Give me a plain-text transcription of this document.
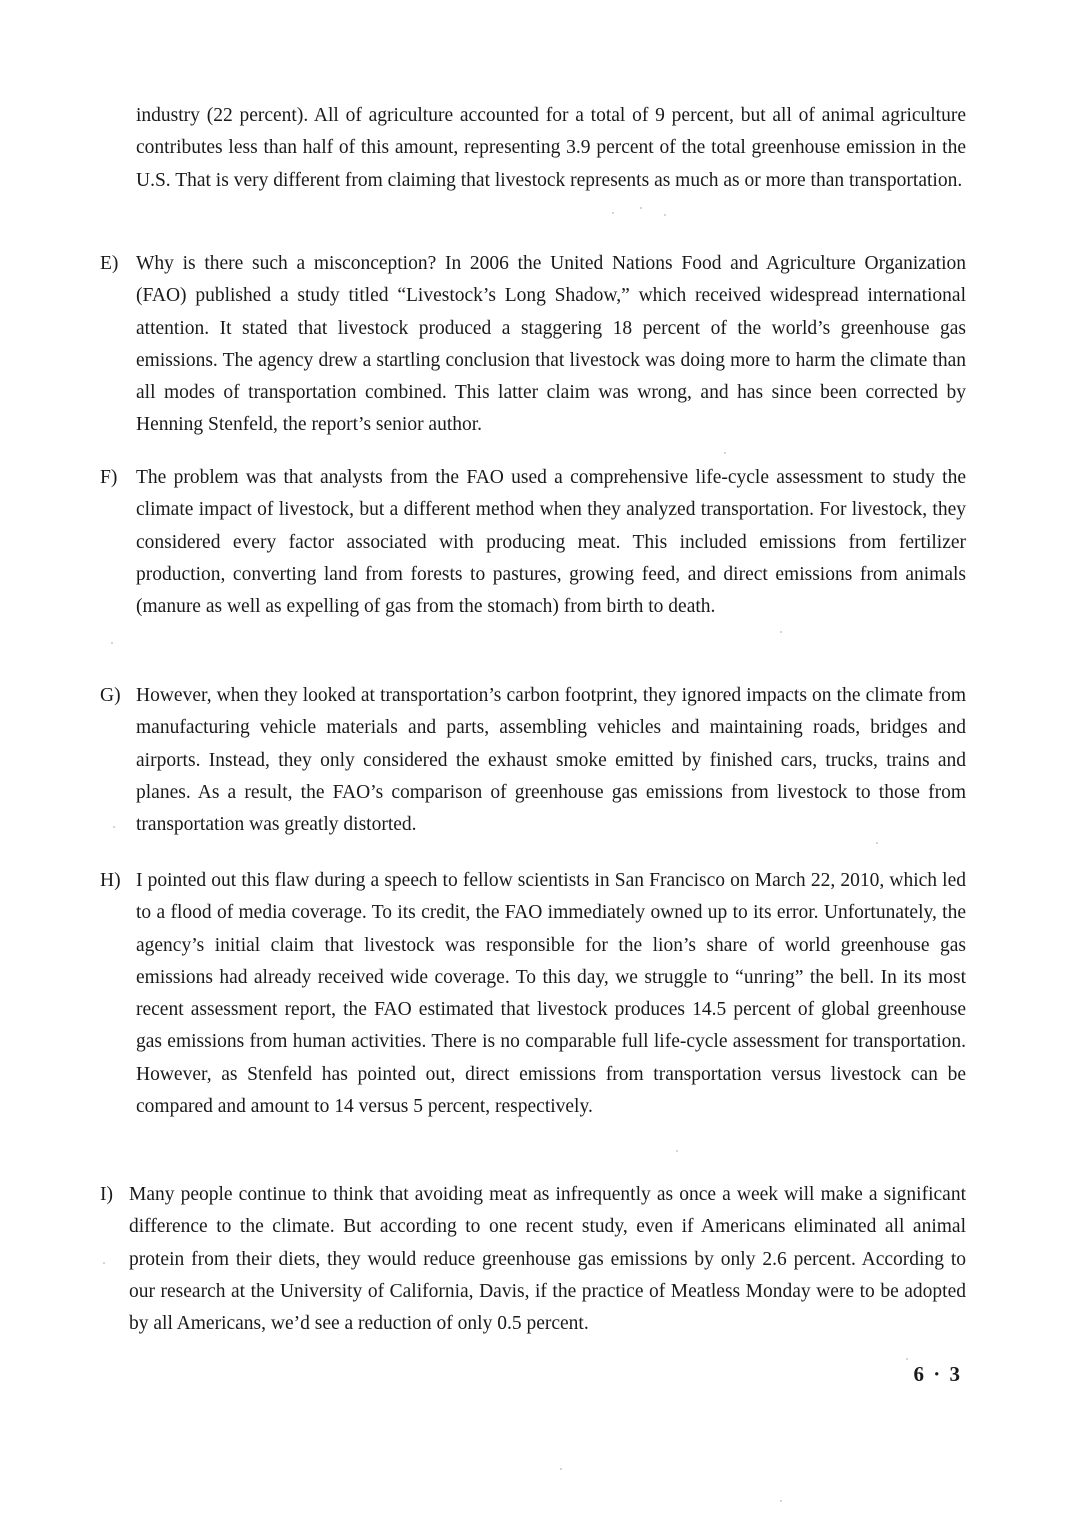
industry (22 percent). All of agriculture accounted for a total of 9 percent, but all of animal agriculture contributes less than half of this amount, representing 3.9 percent of the total greenhouse emission in the U.S. That is very different from claiming that livestock represents as much as or more than transportation.

E) Why is there such a misconception? In 2006 the United Nations Food and Agriculture Organization (FAO) published a study titled “Livestock’s Long Shadow,” which received widespread international attention. It stated that livestock produced a staggering 18 percent of the world’s greenhouse gas emissions. The agency drew a startling conclusion that livestock was doing more to harm the climate than all modes of transportation combined. This latter claim was wrong, and has since been corrected by Henning Stenfeld, the report’s senior author.

F) The problem was that analysts from the FAO used a comprehensive life-cycle assessment to study the climate impact of livestock, but a different method when they analyzed transportation. For livestock, they considered every factor associated with producing meat. This included emissions from fertilizer production, converting land from forests to pastures, growing feed, and direct emissions from animals (manure as well as expelling of gas from the stomach) from birth to death.

G) However, when they looked at transportation’s carbon footprint, they ignored impacts on the climate from manufacturing vehicle materials and parts, assembling vehicles and maintaining roads, bridges and airports. Instead, they only considered the exhaust smoke emitted by finished cars, trucks, trains and planes. As a result, the FAO’s comparison of greenhouse gas emissions from livestock to those from transportation was greatly distorted.

H) I pointed out this flaw during a speech to fellow scientists in San Francisco on March 22, 2010, which led to a flood of media coverage. To its credit, the FAO immediately owned up to its error. Unfortunately, the agency’s initial claim that livestock was responsible for the lion’s share of world greenhouse gas emissions had already received wide coverage. To this day, we struggle to “unring” the bell. In its most recent assessment report, the FAO estimated that livestock produces 14.5 percent of global greenhouse gas emissions from human activities. There is no comparable full life-cycle assessment for transportation. However, as Stenfeld has pointed out, direct emissions from transportation versus livestock can be compared and amount to 14 versus 5 percent, respectively.

I) Many people continue to think that avoiding meat as infrequently as once a week will make a significant difference to the climate. But according to one recent study, even if Americans eliminated all animal protein from their diets, they would reduce greenhouse gas emissions by only 2.6 percent. According to our research at the University of California, Davis, if the practice of Meatless Monday were to be adopted by all Americans, we’d see a reduction of only 0.5 percent.

6 · 3
